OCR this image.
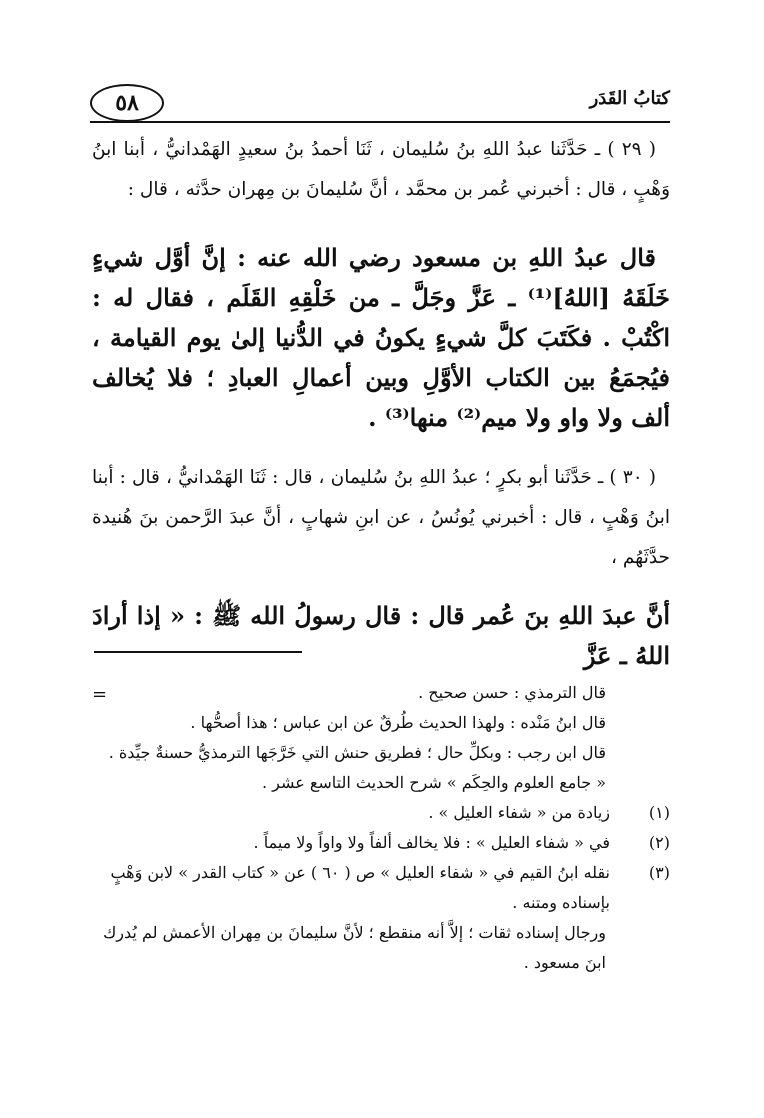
٥٨	كتابُ القَدَر

( ٢٩ ) ـ حَدَّثَنا عبدُ اللهِ بنُ سُليمان ، ثَنَا أحمدُ بنُ سعيدٍ الهَمْدانيُّ ، أبنا ابنُ وَهْبٍ ، قال : أخبرني عُمر بن محمَّد ، أنَّ سُليمانَ بن مِهران حدَّثه ، قال :

قال عبدُ اللهِ بن مسعود رضي الله عنه : إنَّ أوَّل شيءٍ خَلَقَهُ [اللهُ]⁽¹⁾ ـ عَزَّ وجَلَّ ـ من خَلْقِهِ القَلَم ، فقال له : اكْتُبْ . فكَتَبَ كلَّ شيءٍ يكونُ في الدُّنيا إلىٰ يوم القيامة ، فيُجمَعُ بين الكتاب الأوَّلِ وبين أعمالِ العبادِ ؛ فلا يُخالف ألف ولا واو ولا ميم⁽²⁾ منها⁽³⁾ .

( ٣٠ ) ـ حَدَّثَنا أبو بكرٍ ؛ عبدُ اللهِ بنُ سُليمان ، قال : ثَنَا الهَمْدانيُّ ، قال : أبنا ابنُ وَهْبٍ ، قال : أخبرني يُونُسُ ، عن ابنِ شهابٍ ، أنَّ عبدَ الرَّحمن بنَ هُنيدة حدَّثَهُم ،

أنَّ عبدَ اللهِ بنَ عُمر قال : قال رسولُ الله ﷺ : « إذا أرادَ اللهُ ـ عَزَّ

=	قال الترمذي : حسن صحيح .

قال ابنُ مَنْده : ولهذا الحديث طُرقٌ عن ابن عباس ؛ هذا أصحُّها .

قال ابن رجب : وبكلِّ حال ؛ فطريق حنش التي خَرَّجَها الترمذيُّ حسنةٌ جيِّدة . « جامع العلوم والحِكَم » شرح الحديث التاسع عشر .

(١)
زيادة من « شفاء العليل » .
(٢)
في « شفاء العليل » : فلا يخالف ألفاً ولا واواً ولا ميماً .
(٣)
نقله ابنُ القيم في « شفاء العليل » ص ( ٦٠ ) عن « كتاب القدر » لابن وَهْبٍ بإسناده ومتنه .

ورجال إسناده ثقات ؛ إلاَّ أنه منقطع ؛ لأنَّ سليمانَ بن مِهران الأعمش لم يُدرك ابنَ مسعود .
